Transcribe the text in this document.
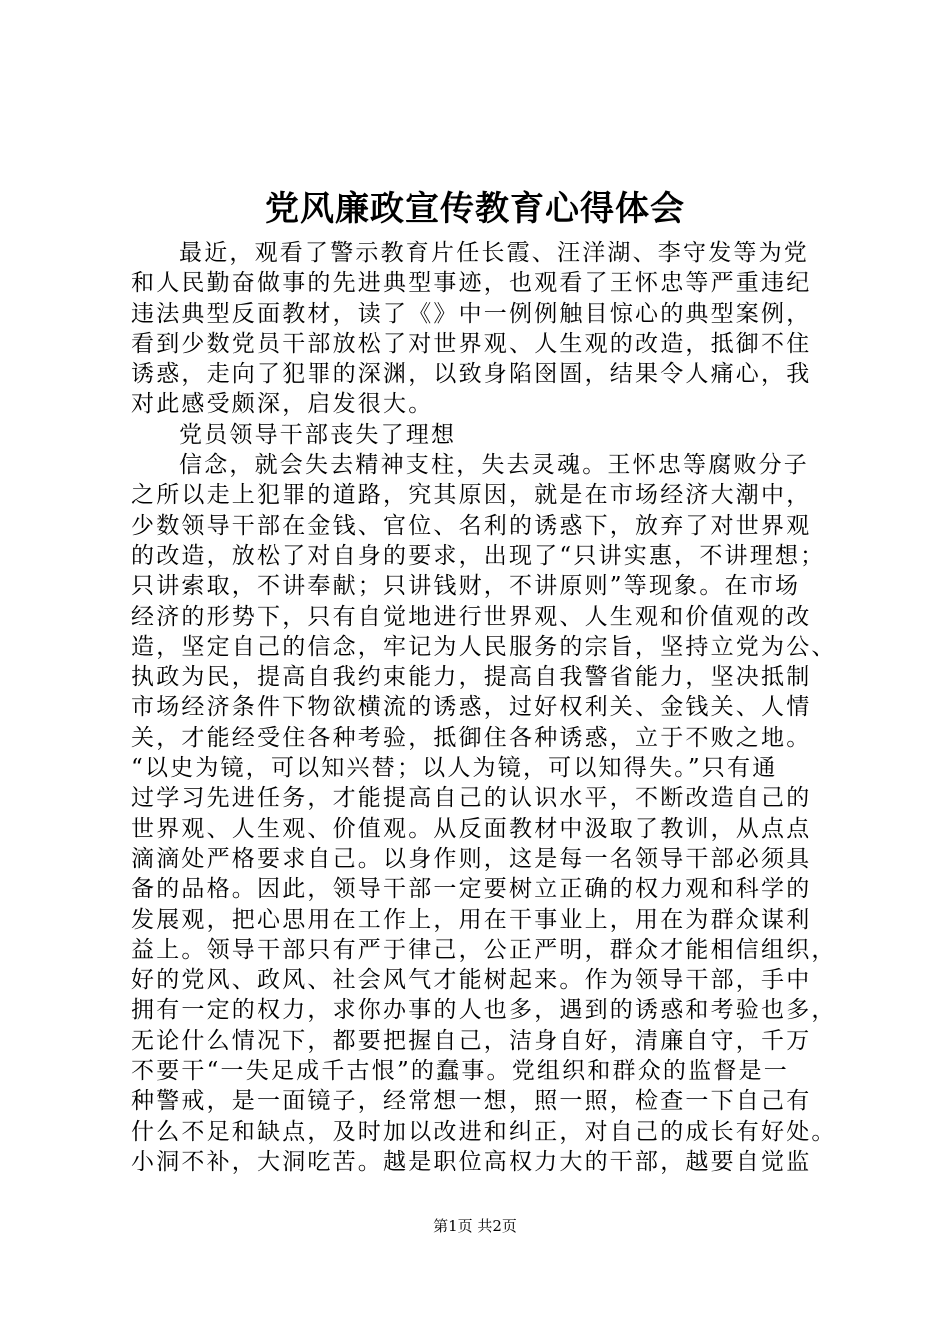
党风廉政宣传教育心得体会
最近，观看了警示教育片任长霞、汪洋湖、李守发等为党
和人民勤奋做事的先进典型事迹，也观看了王怀忠等严重违纪
违法典型反面教材，读了《》中一例例触目惊心的典型案例，
看到少数党员干部放松了对世界观、人生观的改造，抵御不住
诱惑，走向了犯罪的深渊，以致身陷囹圄，结果令人痛心，我
对此感受颇深，启发很大。
党员领导干部丧失了理想
信念，就会失去精神支柱，失去灵魂。王怀忠等腐败分子
之所以走上犯罪的道路，究其原因，就是在市场经济大潮中，
少数领导干部在金钱、官位、名利的诱惑下，放弃了对世界观
的改造，放松了对自身的要求，出现了“只讲实惠，不讲理想；
只讲索取，不讲奉献；只讲钱财，不讲原则”等现象。在市场
经济的形势下，只有自觉地进行世界观、人生观和价值观的改
造，坚定自己的信念，牢记为人民服务的宗旨，坚持立党为公、
执政为民，提高自我约束能力，提高自我警省能力，坚决抵制
市场经济条件下物欲横流的诱惑，过好权利关、金钱关、人情
关，才能经受住各种考验，抵御住各种诱惑，立于不败之地。
“以史为镜，可以知兴替；以人为镜，可以知得失。”只有通
过学习先进任务，才能提高自己的认识水平，不断改造自己的
世界观、人生观、价值观。从反面教材中汲取了教训，从点点
滴滴处严格要求自己。以身作则，这是每一名领导干部必须具
备的品格。因此，领导干部一定要树立正确的权力观和科学的
发展观，把心思用在工作上，用在干事业上，用在为群众谋利
益上。领导干部只有严于律己，公正严明，群众才能相信组织，
好的党风、政风、社会风气才能树起来。作为领导干部，手中
拥有一定的权力，求你办事的人也多，遇到的诱惑和考验也多，
无论什么情况下，都要把握自己，洁身自好，清廉自守，千万
不要干“一失足成千古恨”的蠢事。党组织和群众的监督是一
种警戒，是一面镜子，经常想一想，照一照，检查一下自己有
什么不足和缺点，及时加以改进和纠正，对自己的成长有好处。
小洞不补，大洞吃苦。越是职位高权力大的干部，越要自觉监
第1页 共2页
